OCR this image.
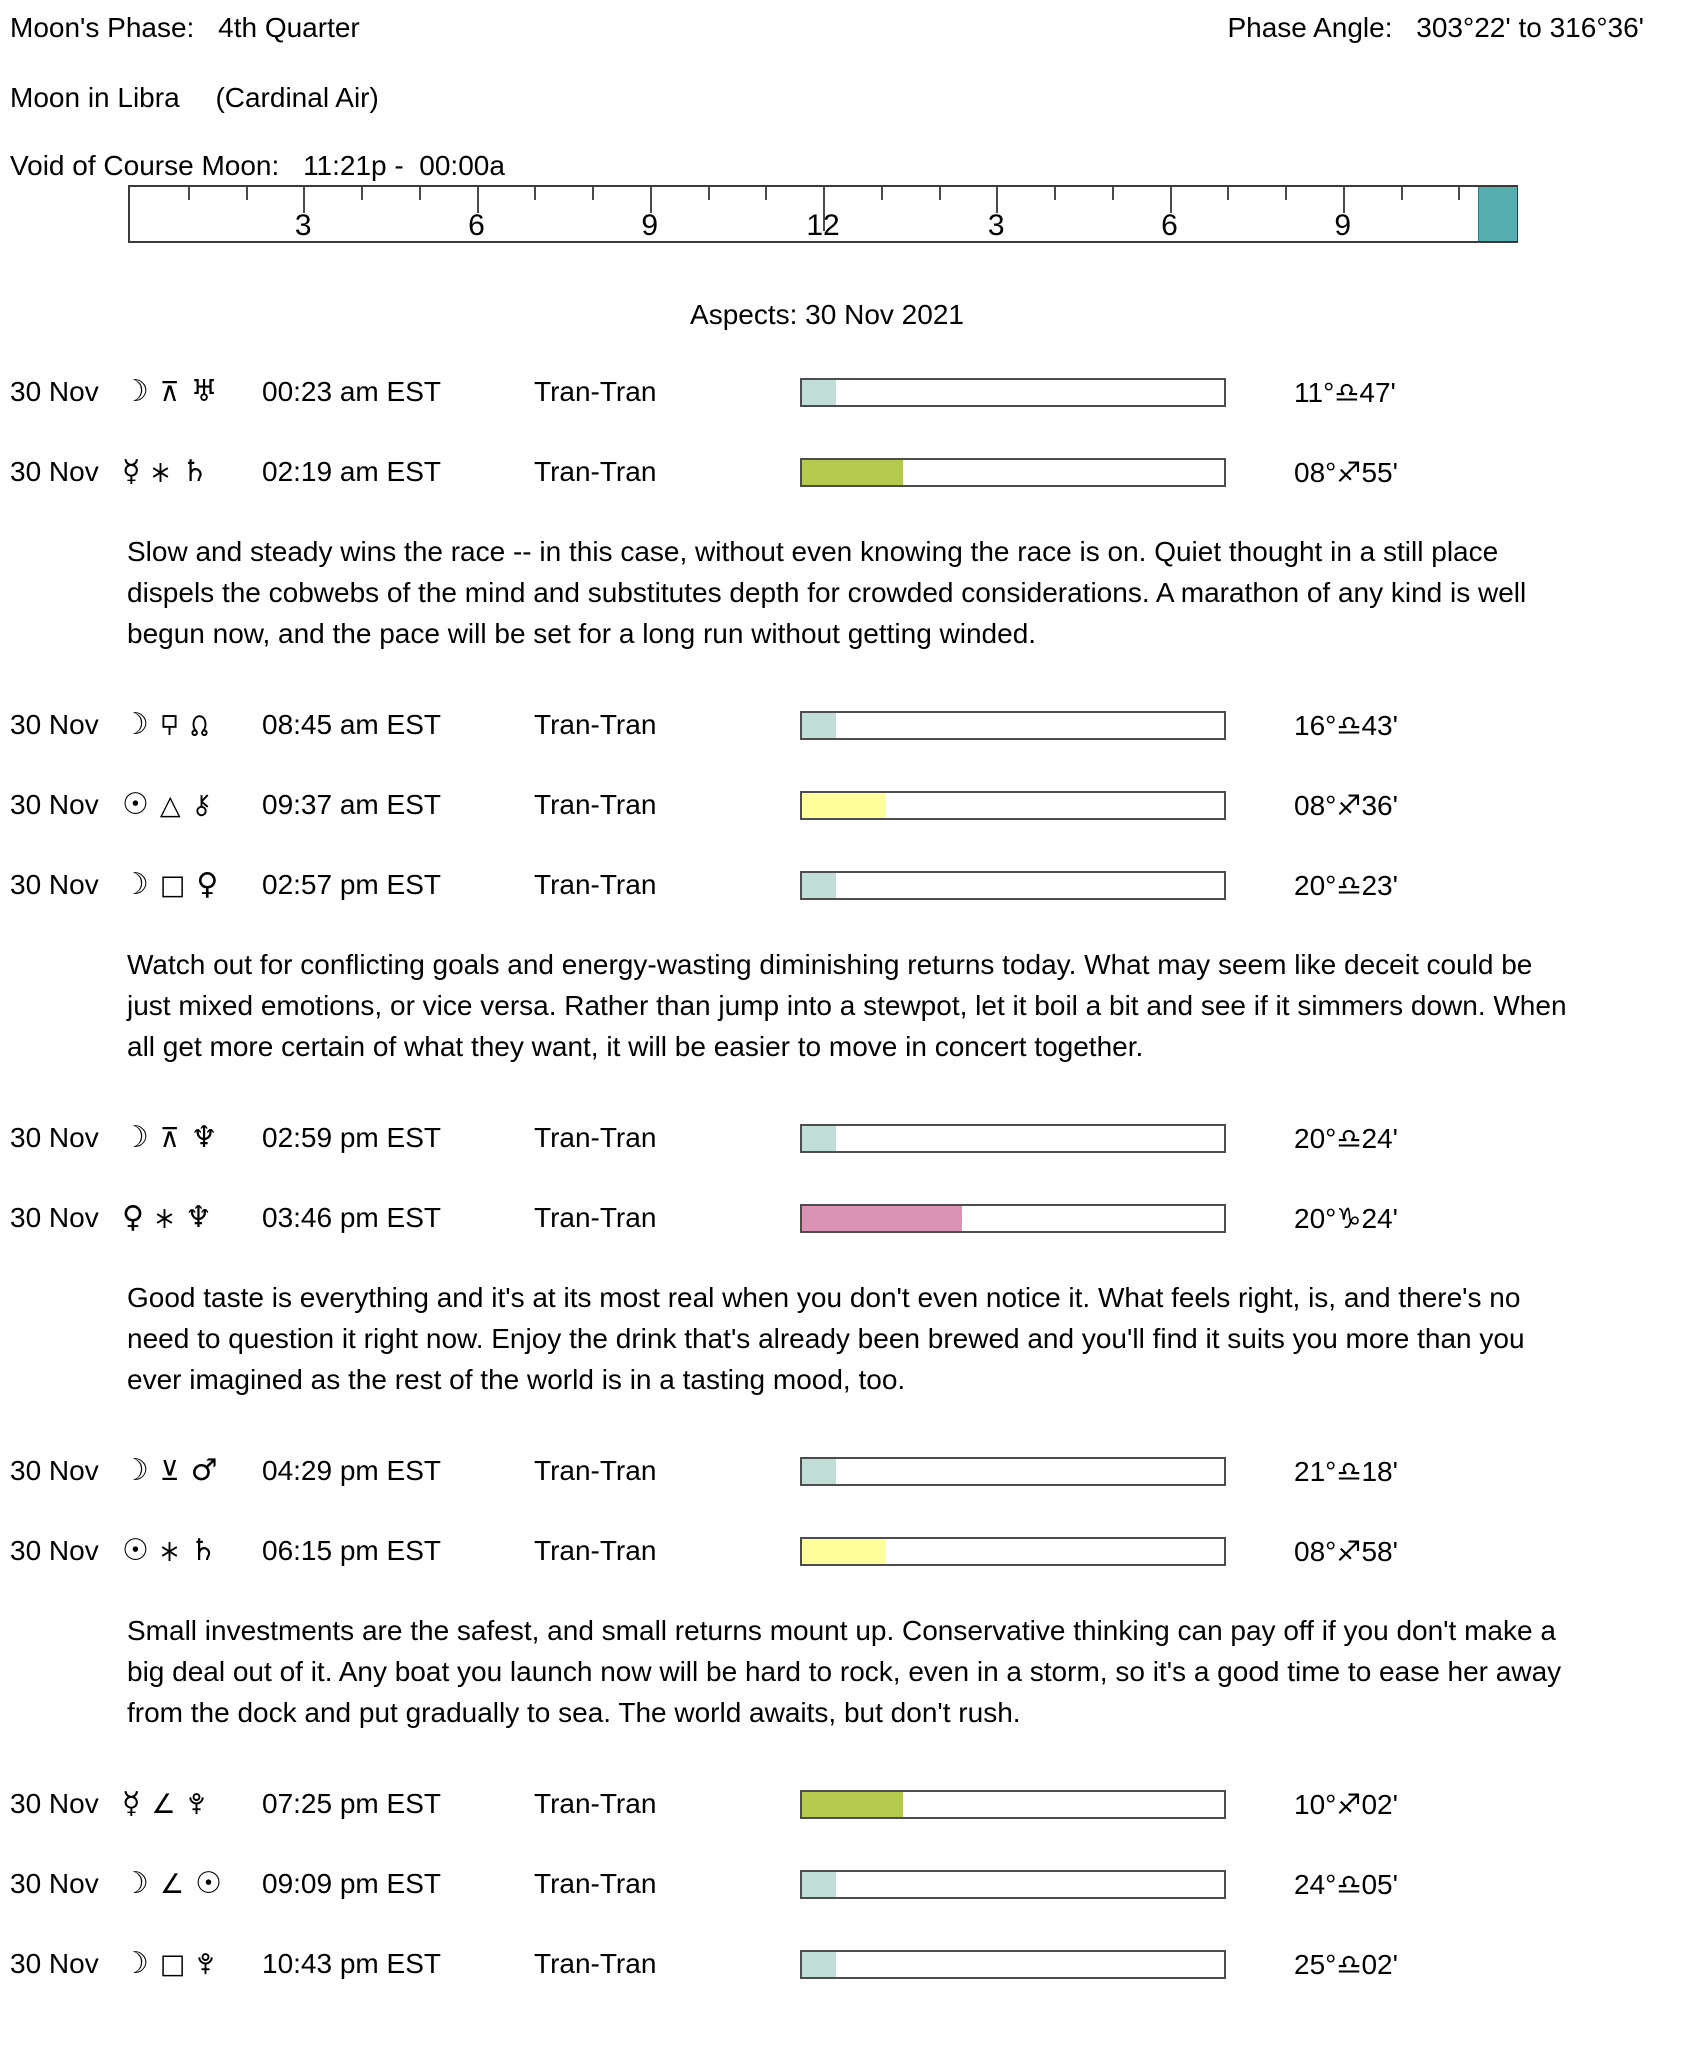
Moon's Phase: 4th Quarter	Phase Angle: 303°22' to 316°36'
Moon in Libra (Cardinal Air)
Void of Course Moon: 11:21p -  00:00a
3	6	9	12	3	6	9
Aspects: 30 Nov 2021
30 Nov ☽ ⊼ ♅ 00:23 am EST	Tran-Tran	11°♎47'
30 Nov ☿ ♄ 02:19 am EST	Tran-Tran	08°♐55'
Slow and steady wins the race -- in this case, without even knowing the race is on. Quiet thought in a still place dispels the cobwebs of the mind and substitutes depth for crowded considerations. A marathon of any kind is well begun now, and the pace will be set for a long run without getting winded.
30 Nov ☽	08:45 am EST	Tran-Tran	16°♎43'
30 Nov ☉ △	09:37 am EST	Tran-Tran	08°♐36'
30 Nov ☽ □ ♀ 02:57 pm EST	Tran-Tran	20°♎23'
Watch out for conflicting goals and energy-wasting diminishing returns today. What may seem like deceit could be just mixed emotions, or vice versa. Rather than jump into a stewpot, let it boil a bit and see if it simmers down. When all get more certain of what they want, it will be easier to move in concert together.
30 Nov ☽ ⊼ ♆ 02:59 pm EST	Tran-Tran	20°♎24'
30 Nov ♀ ♆ 03:46 pm EST	Tran-Tran	20°♑24'
Good taste is everything and it's at its most real when you don't even notice it. What feels right, is, and there's no need to question it right now. Enjoy the drink that's already been brewed and you'll find it suits you more than you ever imagined as the rest of the world is in a tasting mood, too.
30 Nov ☽ ⊻ ♂ 04:29 pm EST	Tran-Tran	21°♎18'
30 Nov ☉ ♄ 06:15 pm EST	Tran-Tran	08°♐58'
Small investments are the safest, and small returns mount up. Conservative thinking can pay off if you don't make a big deal out of it. Any boat you launch now will be hard to rock, even in a storm, so it's a good time to ease her away from the dock and put gradually to sea. The world awaits, but don't rush.
30 Nov ☿ ∠	07:25 pm EST	Tran-Tran	10°♐02'
30 Nov ☽ ∠ ☉ 09:09 pm EST	Tran-Tran	24°♎05'
30 Nov ☽ □	10:43 pm EST	Tran-Tran	25°♎02'
